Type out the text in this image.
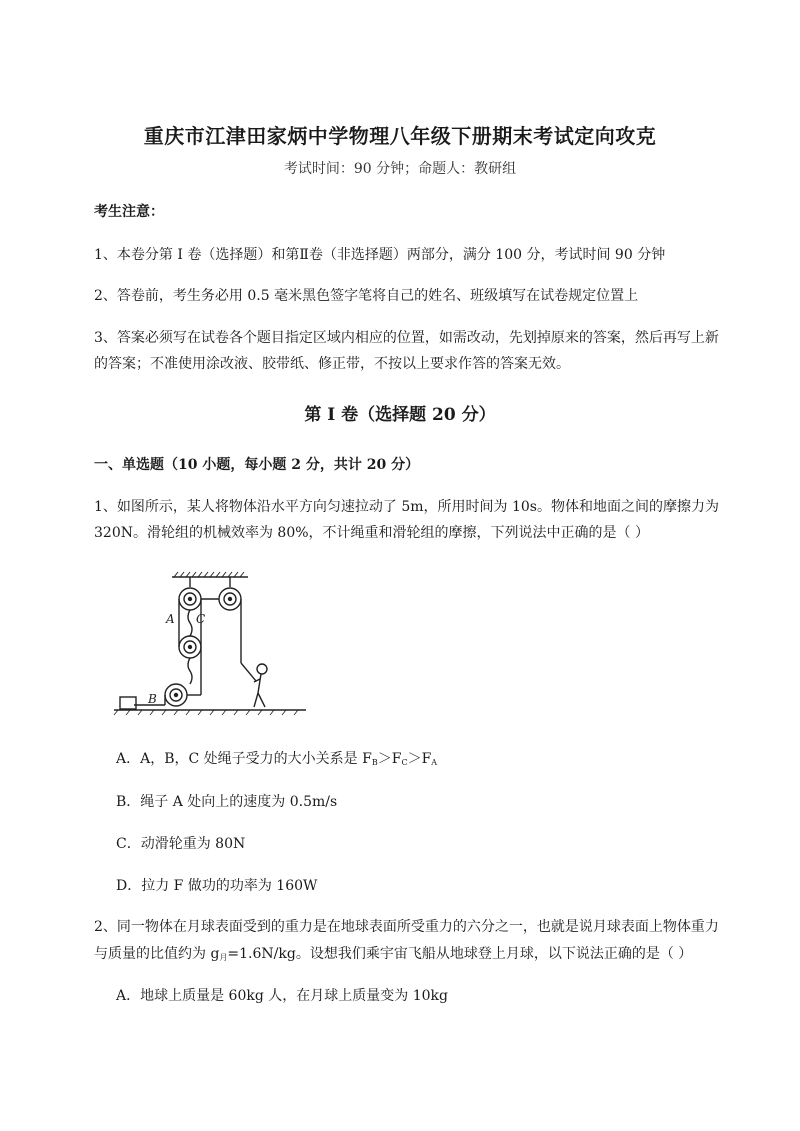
重庆市江津田家炳中学物理八年级下册期末考试定向攻克
考试时间：90 分钟；命题人：教研组
考生注意：
1、本卷分第 I 卷（选择题）和第Ⅱ卷（非选择题）两部分，满分 100 分，考试时间 90 分钟
2、答卷前，考生务必用 0.5 毫米黑色签字笔将自己的姓名、班级填写在试卷规定位置上
3、答案必须写在试卷各个题目指定区域内相应的位置，如需改动，先划掉原来的答案，然后再写上新
的答案；不准使用涂改液、胶带纸、修正带，不按以上要求作答的答案无效。
第 I 卷（选择题 20 分）
一、单选题（10 小题，每小题 2 分，共计 20 分）
1、如图所示，某人将物体沿水平方向匀速拉动了 5m，所用时间为 10s。物体和地面之间的摩擦力为
320N。滑轮组的机械效率为 80%，不计绳重和滑轮组的摩擦，下列说法中正确的是（ ）
A C
B
A．A，B，C 处绳子受力的大小关系是 $F_B>F_C>F_A$
B．绳子 A 处向上的速度为 0.5m/s
C．动滑轮重为 80N
D．拉力 F 做功的功率为 160W
2、同一物体在月球表面受到的重力是在地球表面所受重力的六分之一，也就是说月球表面上物体重力
与质量的比值约为 $g_月=1.6N/kg$。设想我们乘宇宙飞船从地球登上月球，以下说法正确的是（ ）
A．地球上质量是 60kg 人，在月球上质量变为 10kg
